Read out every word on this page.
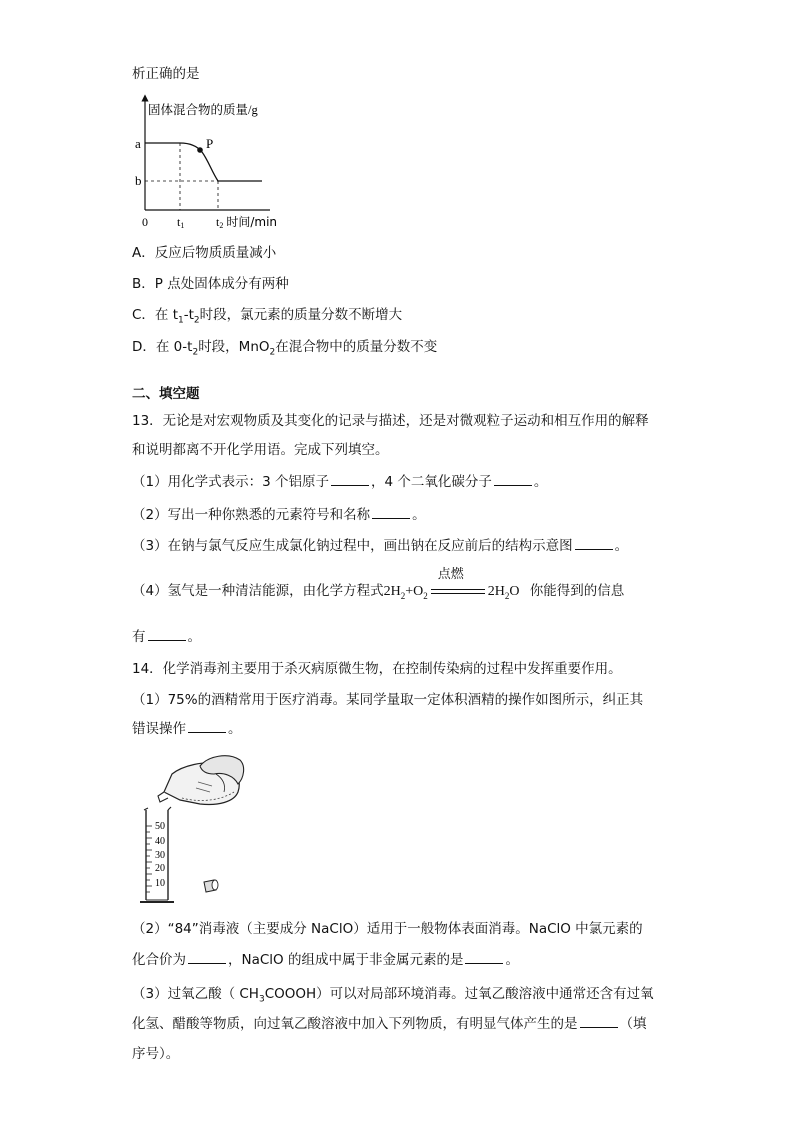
析正确的是
固体混合物的质量/g
a
b
P
0 t1	t2 时间/min
A．反应后物质质量减小
B．P 点处固体成分有两种
C．在 $t_1-t_2$时段，氯元素的质量分数不断增大
D．在 $0-t_2$时段，MnO$_2$在混合物中的质量分数不变
二、填空题
13．无论是对宏观物质及其变化的记录与描述，还是对微观粒子运动和相互作用的解释
和说明都离不开化学用语。完成下列填空。
（1）用化学式表示：3 个铝原子	，4 个二氧化碳分子	。
（2）写出一种你熟悉的元素符号和名称	。
（3）在钠与氯气反应生成氯化钠过程中，画出钠在反应前后的结构示意图	。
（4）氢气是一种清洁能源，由化学方程式$2H_2+O_2$
点燃
$2H_2O$ 你能得到的信息
有	。
14．化学消毒剂主要用于杀灭病原微生物，在控制传染病的过程中发挥重要作用。
（1）75%的酒精常用于医疗消毒。某同学量取一定体积酒精的操作如图所示，纠正其
错误操作	。
50
40
30
20
10
（2）“84”消毒液（主要成分 NaClO）适用于一般物体表面消毒。NaClO 中氯元素的
化合价为	，NaClO 的组成中属于非金属元素的是	。
（3）过氧乙酸（ $CH_3COOOH$）可以对局部环境消毒。过氧乙酸溶液中通常还含有过氧
化氢、醋酸等物质，向过氧乙酸溶液中加入下列物质，有明显气体产生的是	（填
序号）。
